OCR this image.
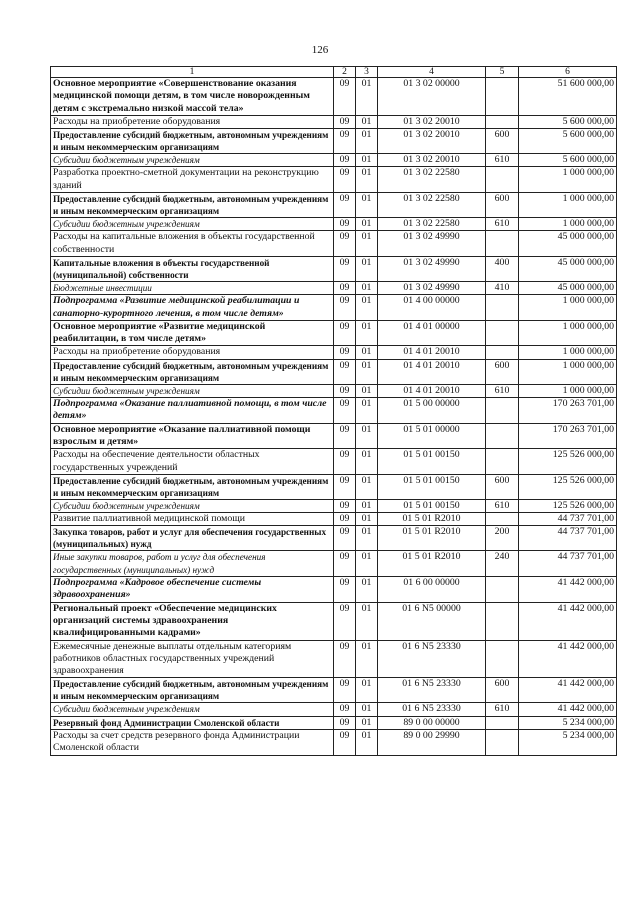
126
1	2	3	4	5	6
Основное мероприятие «Совершенствование оказания медицинской помощи детям, в том числе новорожденным детям с экстремально низкой массой тела»	09	01	01 3 02 00000		51 600 000,00
Расходы на приобретение оборудования	09	01	01 3 02 20010		5 600 000,00
Предоставление субсидий бюджетным, автономным учреждениям и иным некоммерческим организациям	09	01	01 3 02 20010	600	5 600 000,00
Субсидии бюджетным учреждениям	09	01	01 3 02 20010	610	5 600 000,00
Разработка проектно-сметной документации на реконструкцию зданий	09	01	01 3 02 22580		1 000 000,00
Предоставление субсидий бюджетным, автономным учреждениям и иным некоммерческим организациям	09	01	01 3 02 22580	600	1 000 000,00
Субсидии бюджетным учреждениям	09	01	01 3 02 22580	610	1 000 000,00
Расходы на капитальные вложения в объекты государственной собственности	09	01	01 3 02 49990		45 000 000,00
Капитальные вложения в объекты государственной (муниципальной) собственности	09	01	01 3 02 49990	400	45 000 000,00
Бюджетные инвестиции	09	01	01 3 02 49990	410	45 000 000,00
Подпрограмма «Развитие медицинской реабилитации и санаторно-курортного лечения, в том числе детям»	09	01	01 4 00 00000		1 000 000,00
Основное мероприятие «Развитие медицинской реабилитации, в том числе детям»	09	01	01 4 01 00000		1 000 000,00
Расходы на приобретение оборудования	09	01	01 4 01 20010		1 000 000,00
Предоставление субсидий бюджетным, автономным учреждениям и иным некоммерческим организациям	09	01	01 4 01 20010	600	1 000 000,00
Субсидии бюджетным учреждениям	09	01	01 4 01 20010	610	1 000 000,00
Подпрограмма «Оказание паллиативной помощи, в том числе детям»	09	01	01 5 00 00000		170 263 701,00
Основное мероприятие «Оказание паллиативной помощи взрослым и детям»	09	01	01 5 01 00000		170 263 701,00
Расходы на обеспечение деятельности областных государственных учреждений	09	01	01 5 01 00150		125 526 000,00
Предоставление субсидий бюджетным, автономным учреждениям и иным некоммерческим организациям	09	01	01 5 01 00150	600	125 526 000,00
Субсидии бюджетным учреждениям	09	01	01 5 01 00150	610	125 526 000,00
Развитие паллиативной медицинской помощи	09	01	01 5 01 R2010		44 737 701,00
Закупка товаров, работ и услуг для обеспечения государственных (муниципальных) нужд	09	01	01 5 01 R2010	200	44 737 701,00
Иные закупки товаров, работ и услуг для обеспечения государственных (муниципальных) нужд	09	01	01 5 01 R2010	240	44 737 701,00
Подпрограмма «Кадровое обеспечение системы здравоохранения»	09	01	01 6 00 00000		41 442 000,00
Региональный проект «Обеспечение медицинских организаций системы здравоохранения квалифицированными кадрами»	09	01	01 6 N5 00000		41 442 000,00
Ежемесячные денежные выплаты отдельным категориям работников областных государственных учреждений здравоохранения	09	01	01 6 N5 23330		41 442 000,00
Предоставление субсидий бюджетным, автономным учреждениям и иным некоммерческим организациям	09	01	01 6 N5 23330	600	41 442 000,00
Субсидии бюджетным учреждениям	09	01	01 6 N5 23330	610	41 442 000,00
Резервный фонд Администрации Смоленской области	09	01	89 0 00 00000		5 234 000,00
Расходы за счет средств резервного фонда Администрации Смоленской области	09	01	89 0 00 29990		5 234 000,00
